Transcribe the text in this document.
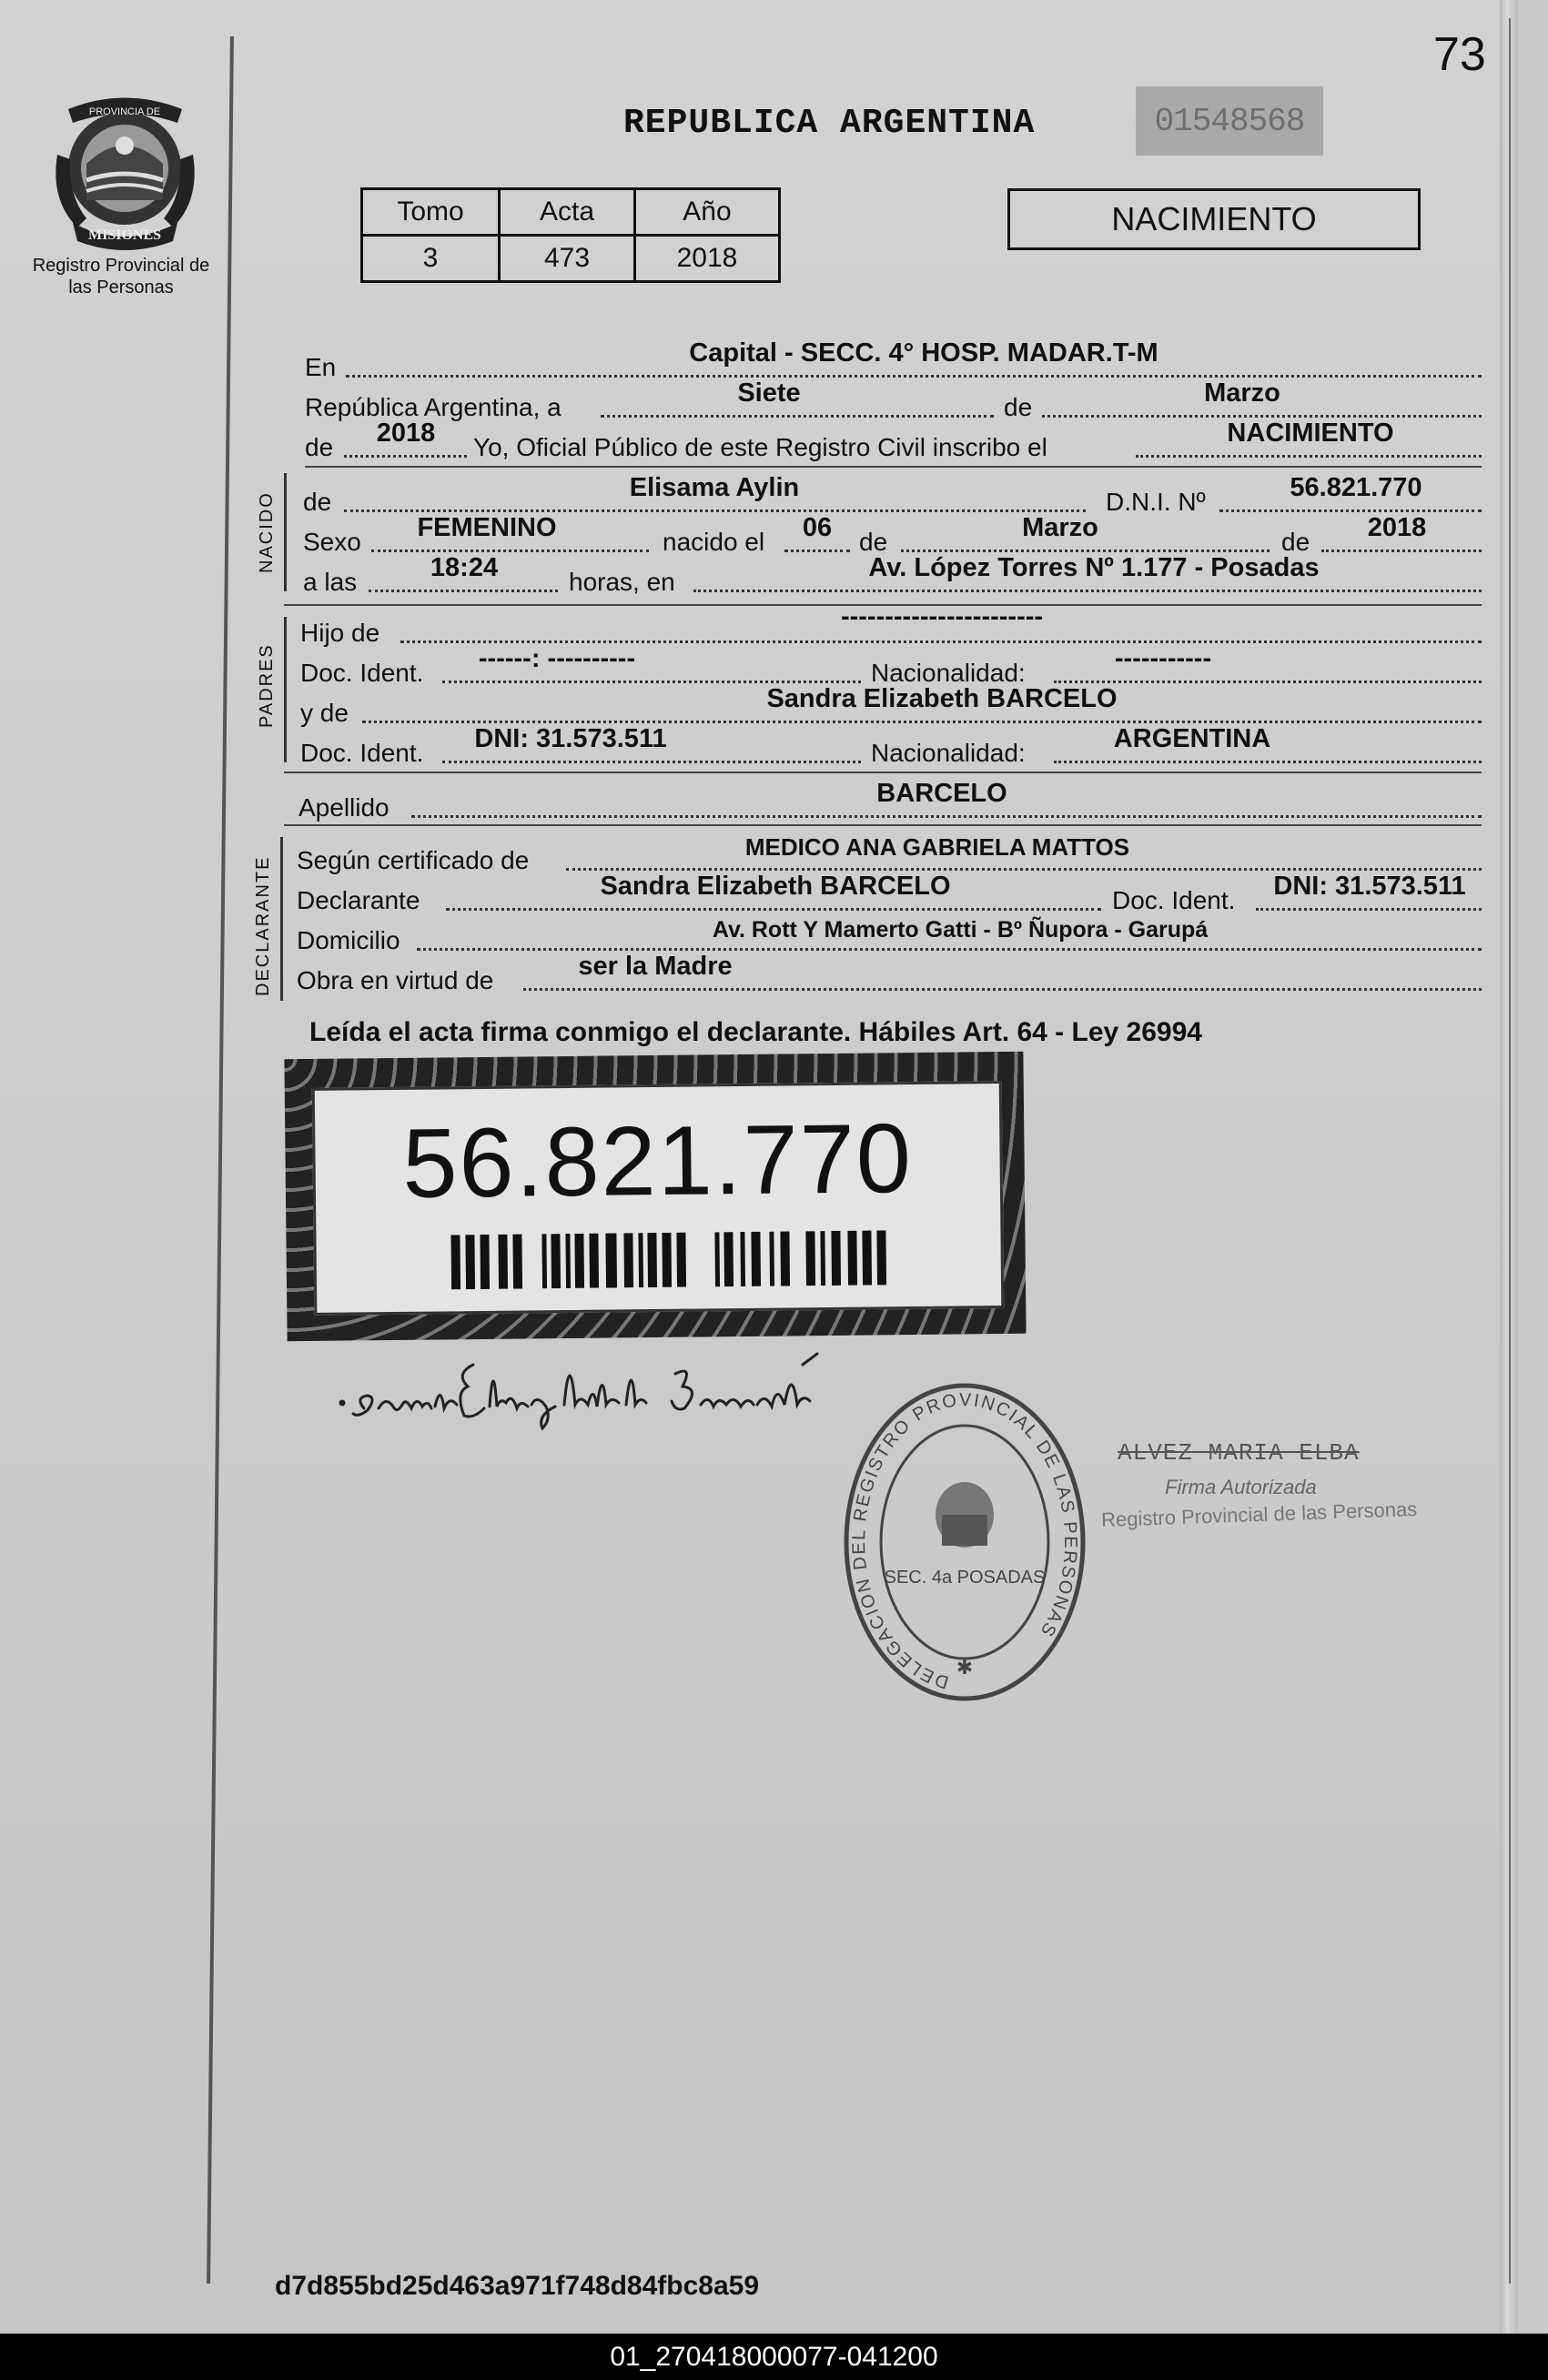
73
PROVINCIA DE
MISIONES
Registro Provincial de las Personas
REPUBLICA ARGENTINA	01548568
Tomo	Acta	Año
3	473	2018
NACIMIENTO
En	Capital - SECC. 4° HOSP. MADAR.T-M
República Argentina, a	Siete	de	Marzo
de 2018 Yo, Oficial Público de este Registro Civil inscribo el	NACIMIENTO
NACIDO de	Elisama Aylin	D.N.I. Nº	56.821.770
Sexo FEMENINO	nacido el 06 de	Marzo	de 2018
a las	18:24	horas, en	Av. López Torres Nº 1.177 - Posadas
PADRES
Hijo de
-----------------------
Doc. Ident. ------: ----------	Nacionalidad:	-----------
y de	Sandra Elizabeth BARCELO
Doc. Ident. DNI: 31.573.511	Nacionalidad:	ARGENTINA
Apellido	BARCELO
DECLARANTE Según certificado de	MEDICO ANA GABRIELA MATTOS
Declarante	Sandra Elizabeth BARCELO	Doc. Ident. DNI: 31.573.511
Domicilio	Av. Rott Y Mamerto Gatti - Bº Ñupora - Garupá
Obra en virtud de	ser la Madre
Leída el acta firma conmigo el declarante. Hábiles Art. 64 - Ley 26994
56.821.770
DELEGACION DEL REGISTRO PROVINCIAL DE LAS PERSONAS
SEC. 4a POSADAS
✱
ALVEZ MARIA ELBA
Firma Autorizada
Registro Provincial de las Personas
d7d855bd25d463a971f748d84fbc8a59
01_270418000077-041200
